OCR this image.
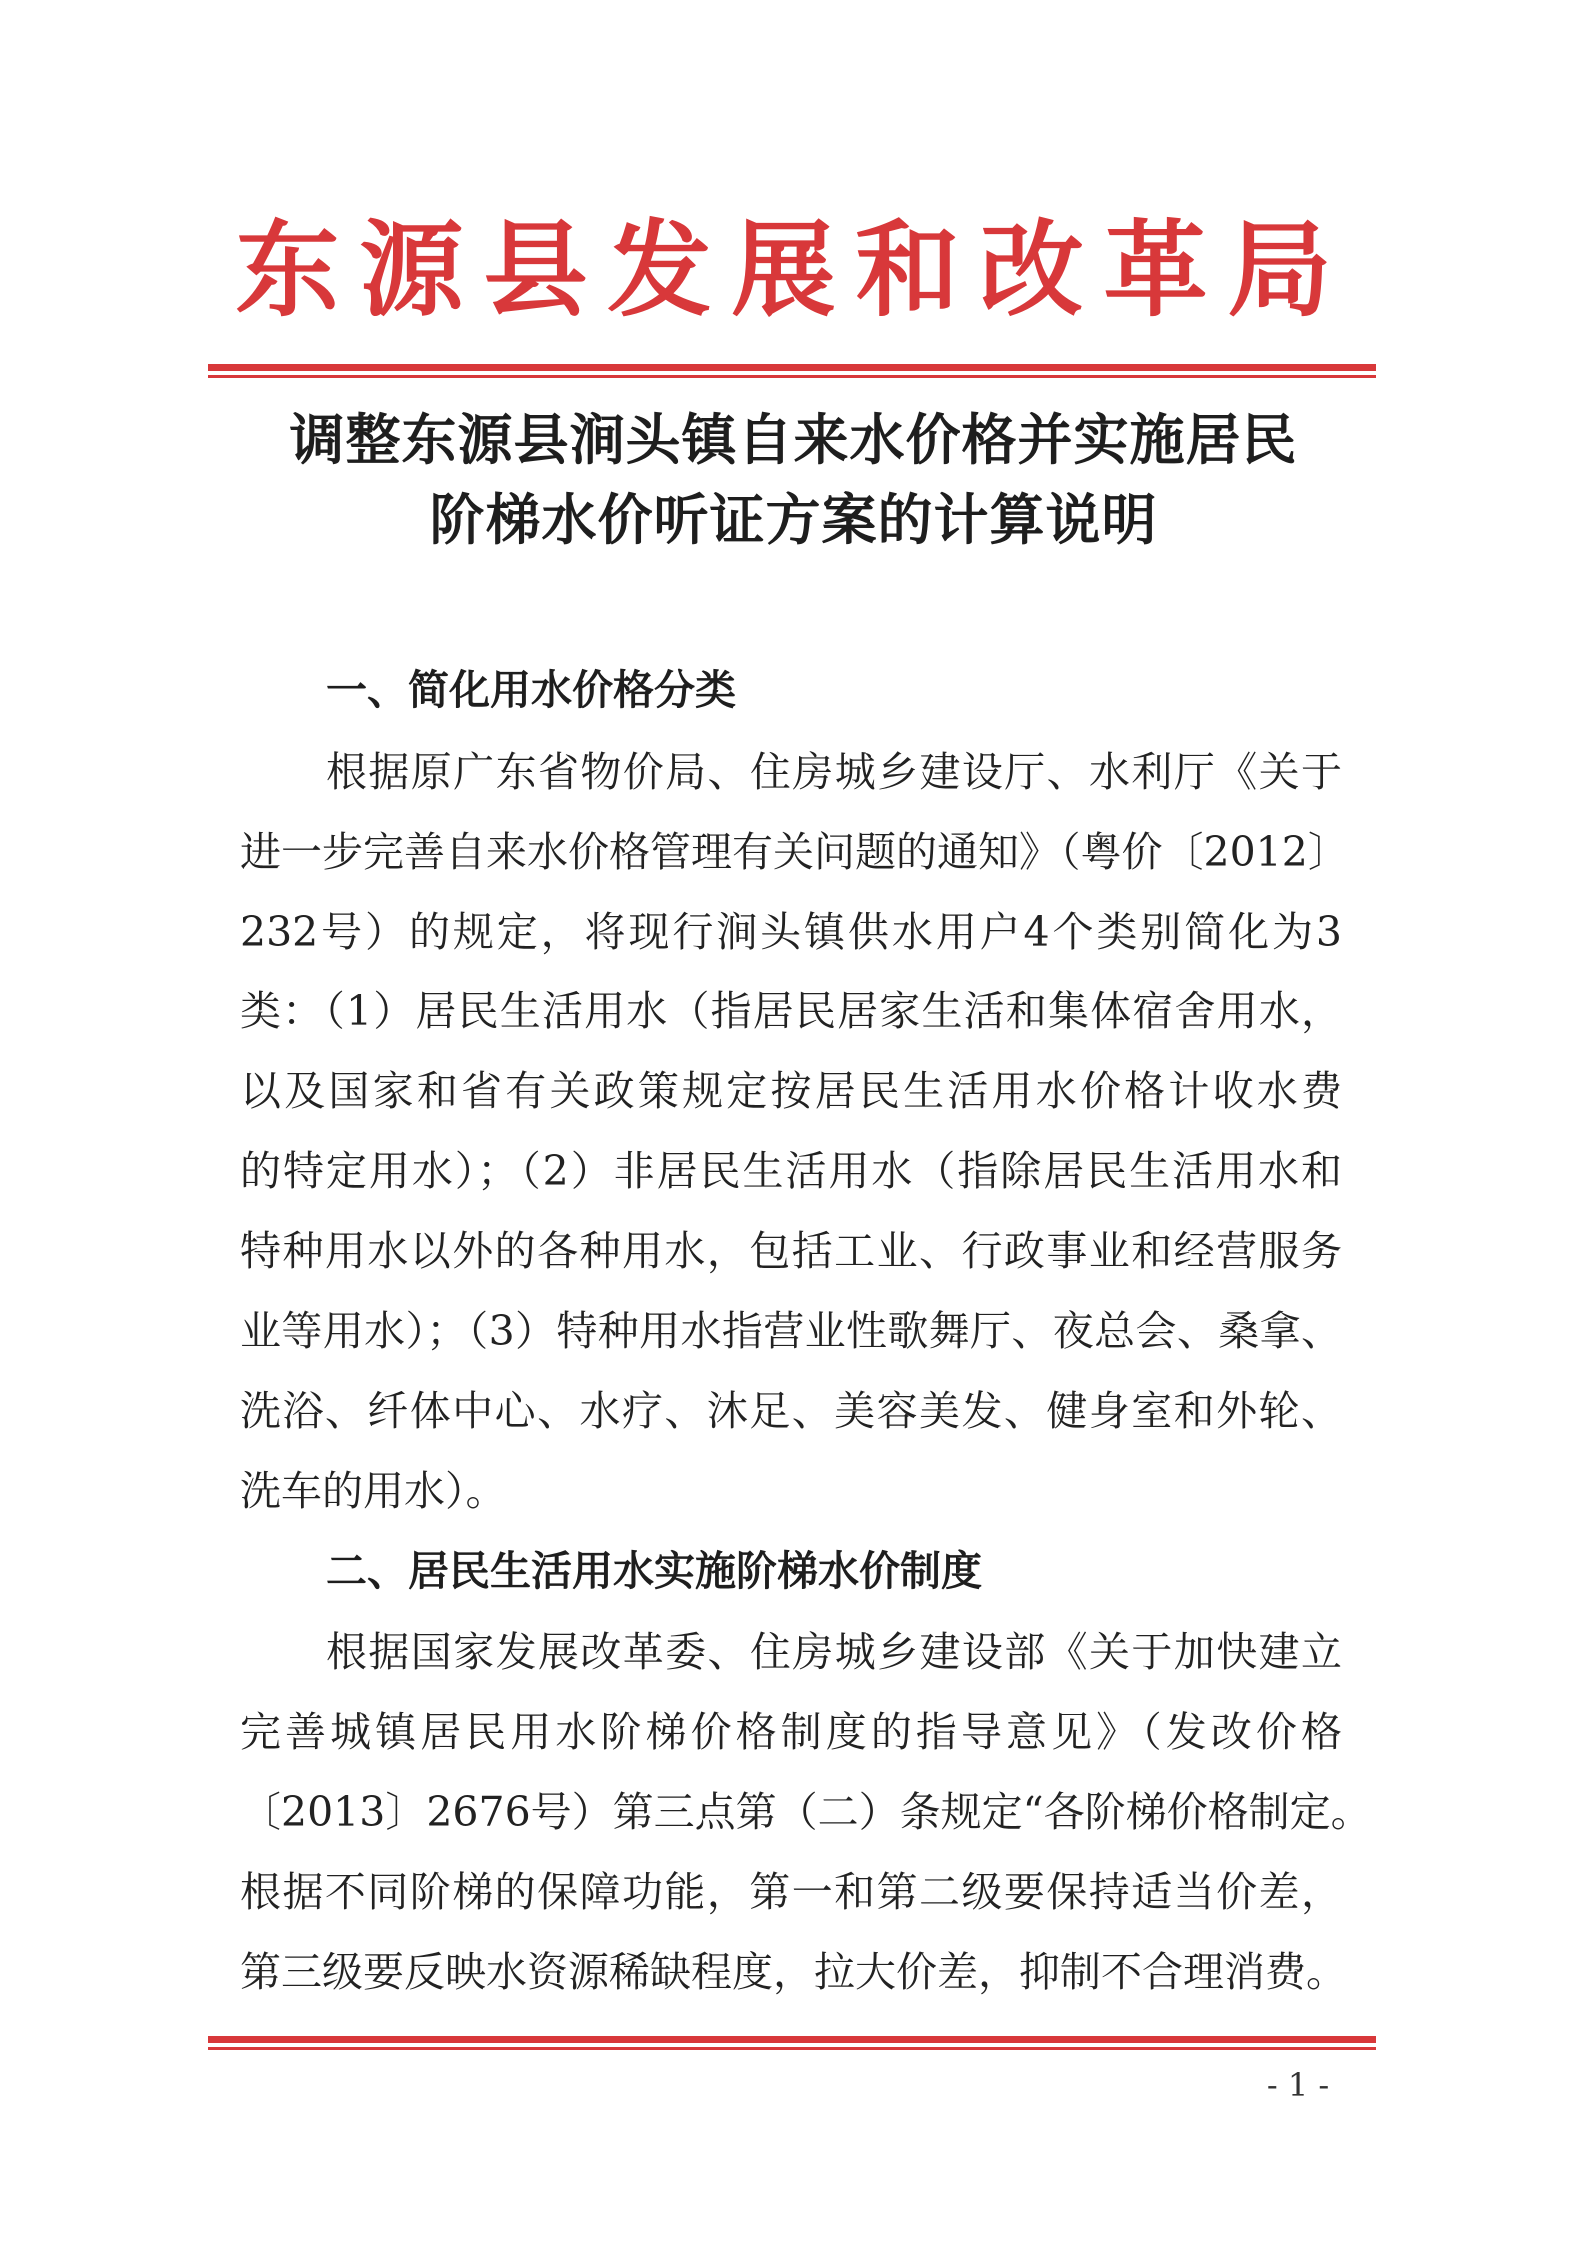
东源县发展和改革局
调整东源县涧头镇自来水价格并实施居民
阶梯水价听证方案的计算说明
一、简化用水价格分类
根据原广东省物价局、住房城乡建设厅、水利厅《关于
进一步完善自来水价格管理有关问题的通知》（粤价〔2012〕
232号）的规定，将现行涧头镇供水用户4个类别简化为3
类：（1）居民生活用水（指居民居家生活和集体宿舍用水，
以及国家和省有关政策规定按居民生活用水价格计收水费
的特定用水）；（2）非居民生活用水（指除居民生活用水和
特种用水以外的各种用水，包括工业、行政事业和经营服务
业等用水）；（3）特种用水指营业性歌舞厅、夜总会、桑拿、
洗浴、纤体中心、水疗、沐足、美容美发、健身室和外轮、
洗车的用水）。
二、居民生活用水实施阶梯水价制度
根据国家发展改革委、住房城乡建设部《关于加快建立
完善城镇居民用水阶梯价格制度的指导意见》（发改价格
〔2013〕2676号）第三点第（二）条规定“各阶梯价格制定。
根据不同阶梯的保障功能，第一和第二级要保持适当价差，
第三级要反映水资源稀缺程度，拉大价差，抑制不合理消费。
- 1 -
